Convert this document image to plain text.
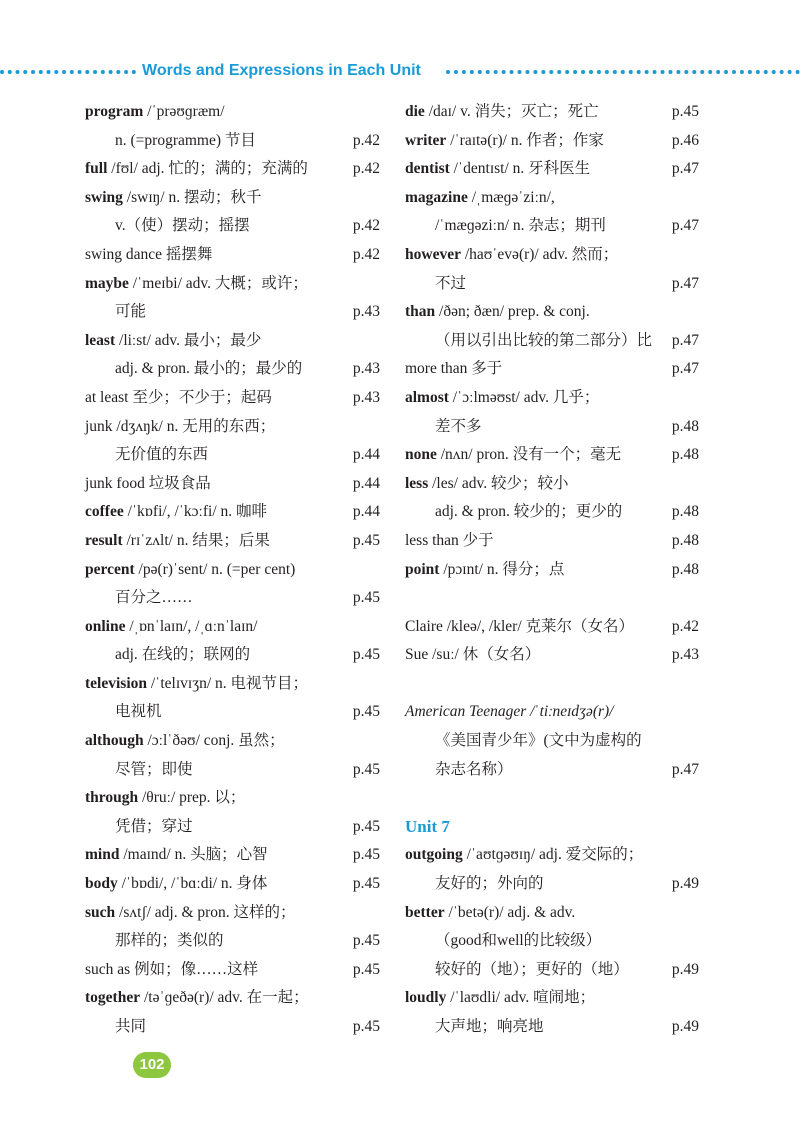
Words and Expressions in Each Unit
program /ˈprəʊɡræm/
n. (=programme) 节目	p.42
full /fʊl/ adj. 忙的；满的；充满的	p.42
swing /swɪŋ/ n. 摆动；秋千
v.（使）摆动；摇摆	p.42
swing dance 摇摆舞	p.42
maybe /ˈmeɪbi/ adv. 大概；或许；
可能	p.43
least /liːst/ adv. 最小；最少
adj. & pron. 最小的；最少的	p.43
at least 至少；不少于；起码	p.43
junk /dʒʌŋk/ n. 无用的东西；
无价值的东西	p.44
junk food 垃圾食品	p.44
coffee /ˈkɒfi/, /ˈkɔːfi/ n. 咖啡	p.44
result /rɪˈzʌlt/ n. 结果；后果	p.45
percent /pə(r)ˈsent/ n. (=per cent)
百分之……	p.45
online /ˌɒnˈlaɪn/, /ˌɑːnˈlaɪn/
adj. 在线的；联网的	p.45
television /ˈtelɪvɪʒn/ n. 电视节目；
电视机	p.45
although /ɔːlˈðəʊ/ conj. 虽然；
尽管；即使	p.45
through /θruː/ prep. 以；
凭借；穿过	p.45
mind /maɪnd/ n. 头脑；心智	p.45
body /ˈbɒdi/, /ˈbɑːdi/ n. 身体	p.45
such /sʌtʃ/ adj. & pron. 这样的；
那样的；类似的	p.45
such as 例如；像……这样	p.45
together /təˈɡeðə(r)/ adv. 在一起；
共同	p.45
die /daɪ/ v. 消失；灭亡；死亡	p.45
writer /ˈraɪtə(r)/ n. 作者；作家	p.46
dentist /ˈdentɪst/ n. 牙科医生	p.47
magazine /ˌmæɡəˈziːn/,
/ˈmæɡəziːn/ n. 杂志；期刊	p.47
however /haʊˈevə(r)/ adv. 然而；
不过	p.47
than /ðən; ðæn/ prep. & conj.
（用以引出比较的第二部分）比 p.47
more than 多于	p.47
almost /ˈɔːlməʊst/ adv. 几乎；
差不多	p.48
none /nʌn/ pron. 没有一个；毫无	p.48
less /les/ adv. 较少；较小
adj. & pron. 较少的；更少的	p.48
less than 少于	p.48
point /pɔɪnt/ n. 得分；点	p.48
Claire /kleə/, /kler/ 克莱尔（女名） p.42
Sue /suː/ 休（女名）	p.43
American Teenager /ˈtiːneɪdʒə(r)/
《美国青少年》(文中为虚构的
杂志名称）	p.47
Unit 7
outgoing /ˈaʊtɡəʊɪŋ/ adj. 爱交际的；
友好的；外向的	p.49
better /ˈbetə(r)/ adj. & adv.
（good和well的比较级）
较好的（地）；更好的（地）	p.49
loudly /ˈlaʊdli/ adv. 喧闹地；
大声地；响亮地	p.49
102
